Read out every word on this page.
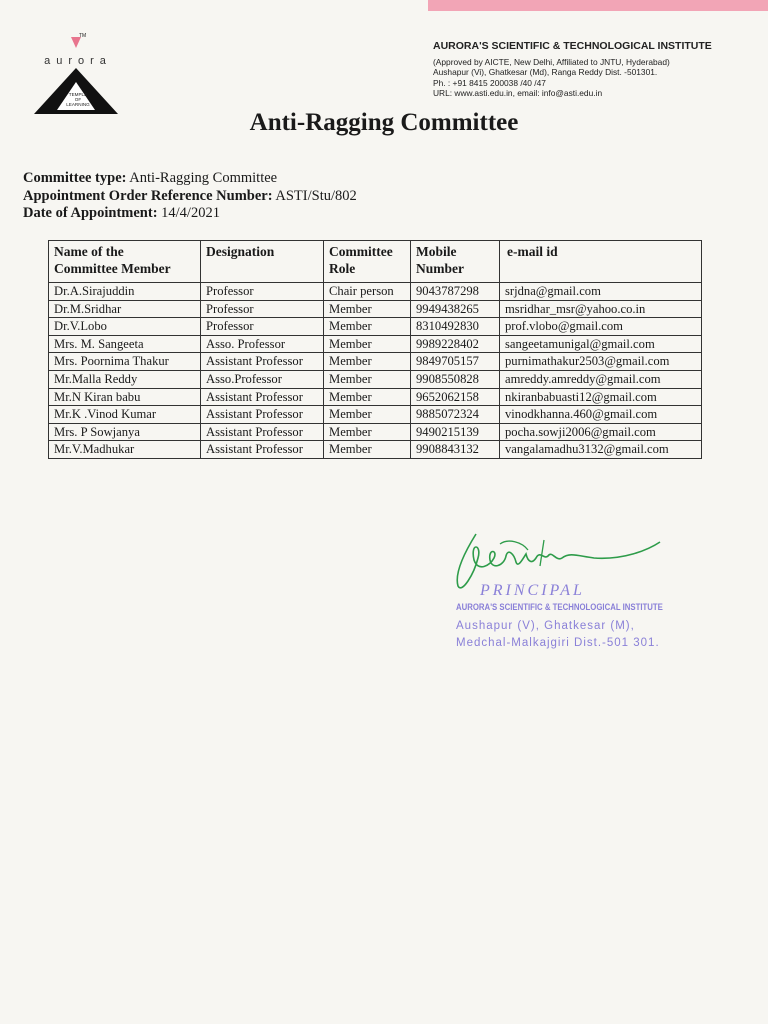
TM
aurora
TEMPLE
OF
LEARNING
AURORA'S SCIENTIFIC & TECHNOLOGICAL INSTITUTE
(Approved by AICTE, New Delhi, Affiliated to JNTU, Hyderabad)
Aushapur (Vi), Ghatkesar (Md), Ranga Reddy Dist. -501301.
Ph. : +91 8415 200038 /40 /47
URL: www.asti.edu.in, email: info@asti.edu.in
Anti-Ragging Committee
Committee type: Anti-Ragging Committee
Appointment Order Reference Number: ASTI/Stu/802
Date of Appointment: 14/4/2021
Name of the Committee Member	Designation	Committee Role	Mobile Number	e-mail id

Dr.A.Sirajuddin	Professor	Chair person	9043787298	srjdna@gmail.com
Dr.M.Sridhar	Professor	Member	9949438265	msridhar_msr@yahoo.co.in
Dr.V.Lobo	Professor	Member	8310492830	prof.vlobo@gmail.com
Mrs. M. Sangeeta	Asso. Professor	Member	9989228402	sangeetamunigal@gmail.com
Mrs. Poornima Thakur	Assistant Professor	Member	9849705157	purnimathakur2503@gmail.com
Mr.Malla Reddy	Asso.Professor	Member	9908550828	amreddy.amreddy@gmail.com
Mr.N Kiran babu	Assistant Professor	Member	9652062158	nkiranbabuasti12@gmail.com
Mr.K .Vinod Kumar	Assistant Professor	Member	9885072324	vinodkhanna.460@gmail.com
Mrs. P Sowjanya	Assistant Professor	Member	9490215139	pocha.sowji2006@gmail.com
Mr.V.Madhukar	Assistant Professor	Member	9908843132	vangalamadhu3132@gmail.com
PRINCIPAL
AURORA'S SCIENTIFIC & TECHNOLOGICAL INSTITUTE
Aushapur (V), Ghatkesar (M),
Medchal-Malkajgiri Dist.-501 301.
